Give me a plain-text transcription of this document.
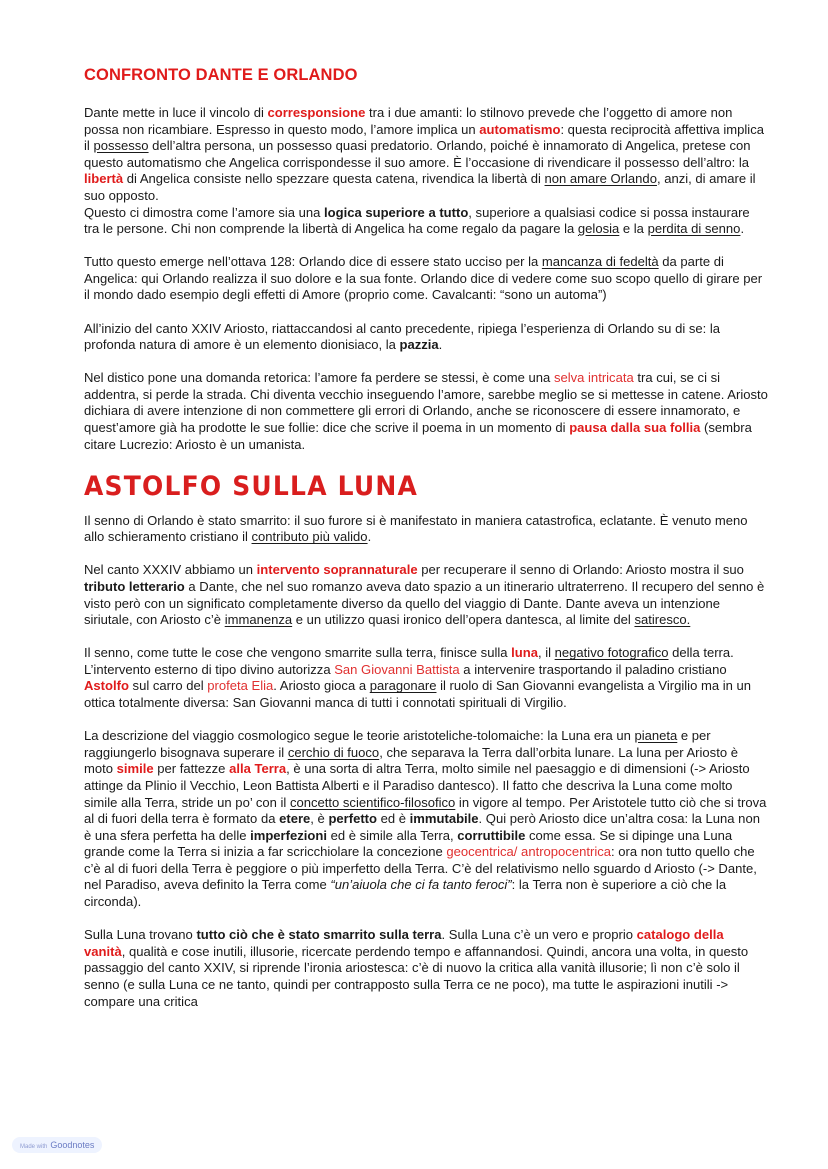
CONFRONTO DANTE E ORLANDO

Dante mette in luce il vincolo di corresponsione tra i due amanti: lo stilnovo prevede che l’oggetto di amore non possa non ricambiare. Espresso in questo modo, l’amore implica un automatismo: questa reciprocità affettiva implica il possesso dell’altra persona, un possesso quasi predatorio. Orlando, poiché è innamorato di Angelica, pretese con questo automatismo che Angelica corrispondesse il suo amore. È l’occasione di rivendicare il possesso dell’altro: la libertà di Angelica consiste nello spezzare questa catena, rivendica la libertà di non amare Orlando, anzi, di amare il suo opposto.
Questo ci dimostra come l’amore sia una logica superiore a tutto, superiore a qualsiasi codice si possa instaurare tra le persone. Chi non comprende la libertà di Angelica ha come regalo da pagare la gelosia e la perdita di senno.

Tutto questo emerge nell’ottava 128: Orlando dice di essere stato ucciso per la mancanza di fedeltà da parte di Angelica: qui Orlando realizza il suo dolore e la sua fonte. Orlando dice di vedere come suo scopo quello di girare per il mondo dado esempio degli effetti di Amore (proprio come. Cavalcanti: “sono un automa”)

All’inizio del canto XXIV Ariosto, riattaccandosi al canto precedente, ripiega l’esperienza di Orlando su di se: la profonda natura di amore è un elemento dionisiaco, la pazzia.

Nel distico pone una domanda retorica: l’amore fa perdere se stessi, è come una selva intricata tra cui, se ci si addentra, si perde la strada. Chi diventa vecchio inseguendo l’amore, sarebbe meglio se si mettesse in catene. Ariosto dichiara di avere intenzione di non commettere gli errori di Orlando, anche se riconoscere di essere innamorato, e quest’amore già ha prodotte le sue follie: dice che scrive il poema in un momento di pausa dalla sua follia (sembra citare Lucrezio: Ariosto è un umanista.

ASTOLFO SULLA LUNA

Il senno di Orlando è stato smarrito: il suo furore si è manifestato in maniera catastrofica, eclatante. È venuto meno allo schieramento cristiano il contributo più valido.

Nel canto XXXIV abbiamo un intervento soprannaturale per recuperare il senno di Orlando: Ariosto mostra il suo tributo letterario a Dante, che nel suo romanzo aveva dato spazio a un itinerario ultraterreno. Il recupero del senno è visto però con un significato completamente diverso da quello del viaggio di Dante. Dante aveva un intenzione siriutale, con Ariosto c’è immanenza e un utilizzo quasi ironico dell’opera dantesca, al limite del satiresco.

Il senno, come tutte le cose che vengono smarrite sulla terra, finisce sulla luna, il negativo fotografico della terra. L’intervento esterno di tipo divino autorizza San Giovanni Battista a intervenire trasportando il paladino cristiano Astolfo sul carro del profeta Elia. Ariosto gioca a paragonare il ruolo di San Giovanni evangelista a Virgilio ma in un ottica totalmente diversa: San Giovanni manca di tutti i connotati spirituali di Virgilio.

La descrizione del viaggio cosmologico segue le teorie aristoteliche-tolomaiche: la Luna era un pianeta e per raggiungerlo bisognava superare il cerchio di fuoco, che separava la Terra dall’orbita lunare. La luna per Ariosto è moto simile per fattezze alla Terra, è una sorta di altra Terra, molto simile nel paesaggio e di dimensioni (-> Ariosto attinge da Plinio il Vecchio, Leon Battista Alberti e il Paradiso dantesco). Il fatto che descriva la Luna come molto simile alla Terra, stride un po’ con il concetto scientifico-filosofico in vigore al tempo. Per Aristotele tutto ciò che si trova al di fuori della terra è formato da etere, è perfetto ed è immutabile. Qui però Ariosto dice un’altra cosa: la Luna non è una sfera perfetta ha delle imperfezioni ed è simile alla Terra, corruttibile come essa. Se si dipinge una Luna grande come la Terra si inizia a far scricchiolare la concezione geocentrica/ antropocentrica: ora non tutto quello che c’è al di fuori della Terra è peggiore o più imperfetto della Terra. C’è del relativismo nello sguardo d Ariosto (-> Dante, nel Paradiso, aveva definito la Terra come “un’aiuola che ci fa tanto feroci”: la Terra non è superiore a ciò che la circonda).

Sulla Luna trovano tutto ciò che è stato smarrito sulla terra. Sulla Luna c’è un vero e proprio catalogo della vanità, qualità e cose inutili, illusorie, ricercate perdendo tempo e affannandosi. Quindi, ancora una volta, in questo passaggio del canto XXIV, si riprende l’ironia ariostesca: c’è di nuovo la critica alla vanità illusorie; lì non c’è solo il senno (e sulla Luna ce ne tanto, quindi per contrapposto sulla Terra ce ne poco), ma tutte le aspirazioni inutili -> compare una critica

Made with Goodnotes
